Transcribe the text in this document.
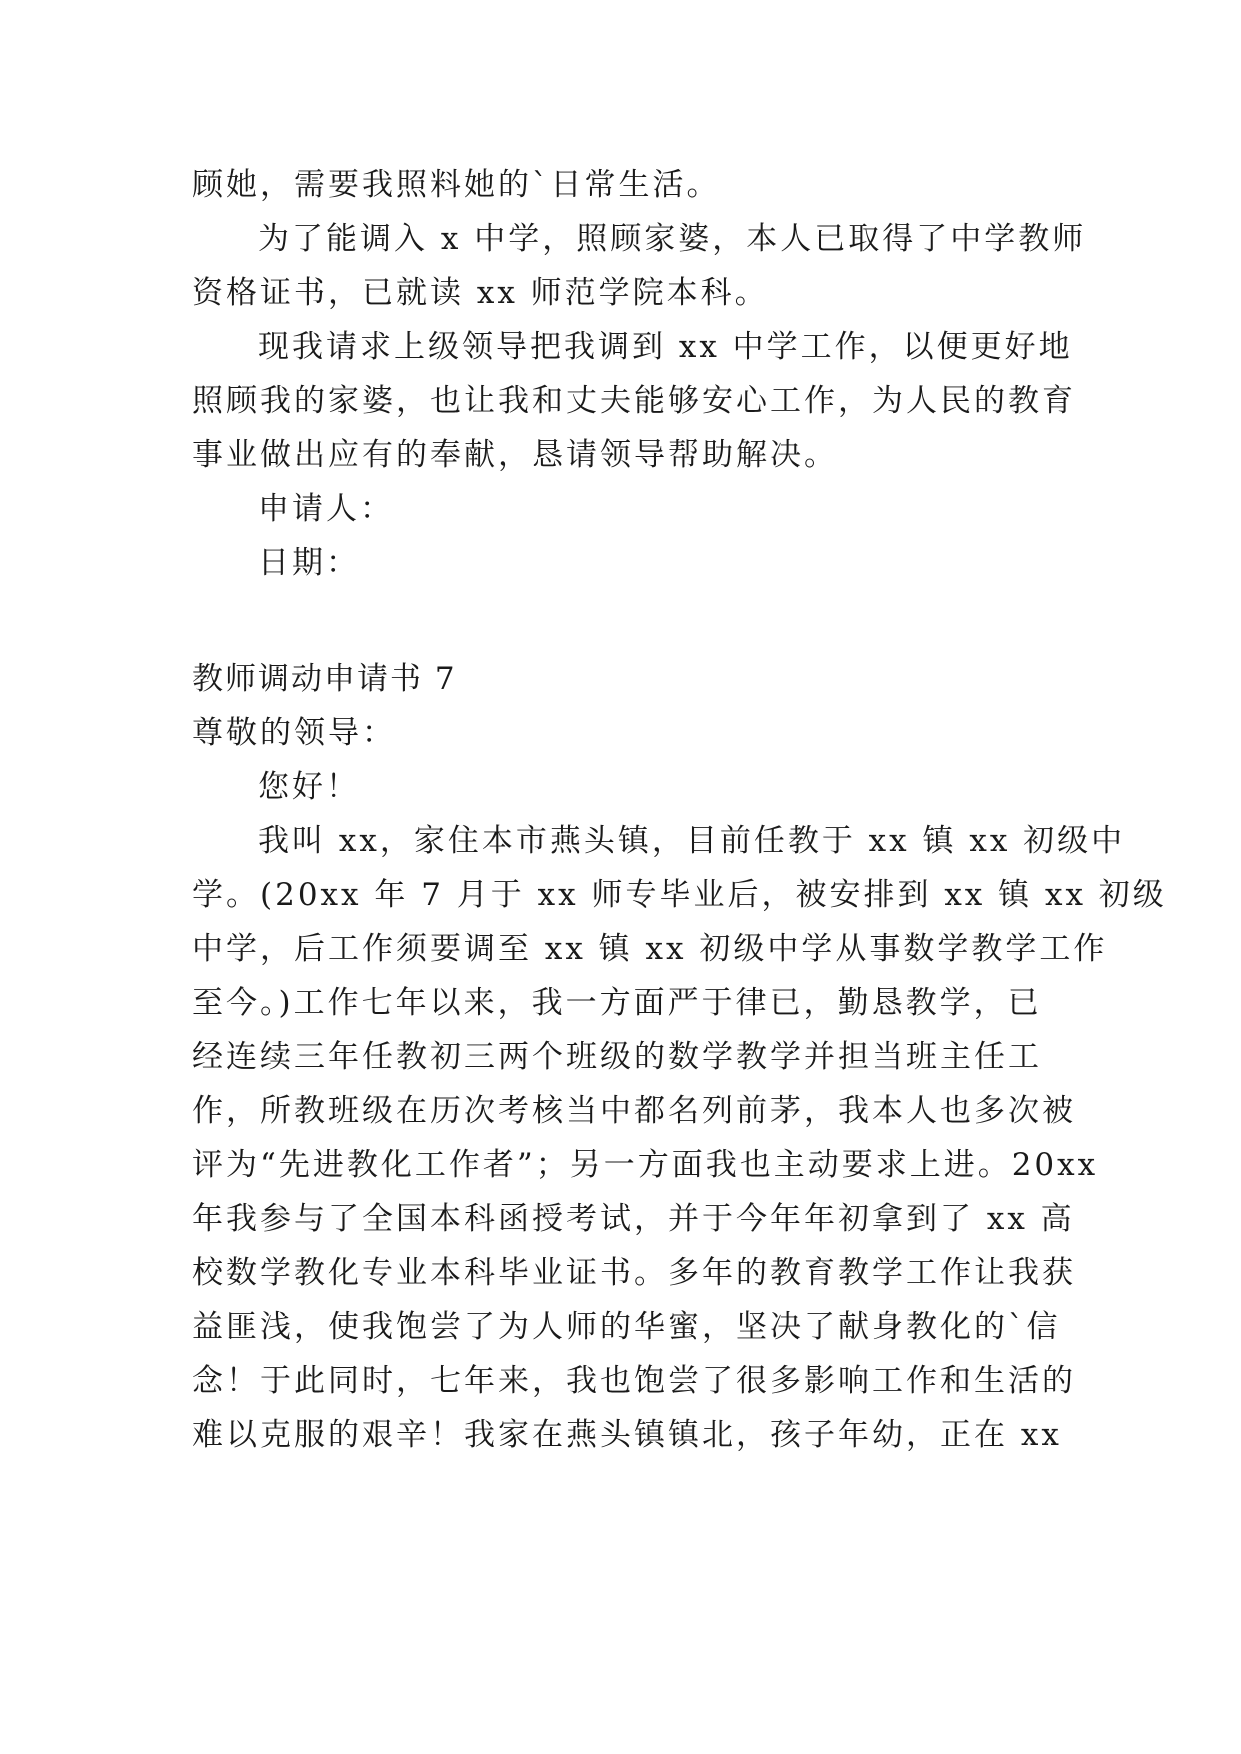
顾她，需要我照料她的`日常生活。
为了能调入 x 中学，照顾家婆，本人已取得了中学教师
资格证书，已就读 xx 师范学院本科。
现我请求上级领导把我调到 xx 中学工作，以便更好地
照顾我的家婆，也让我和丈夫能够安心工作，为人民的教育
事业做出应有的奉献，恳请领导帮助解决。
申请人：
日期：
教师调动申请书 7
尊敬的领导：
您好！
我叫 xx，家住本市燕头镇，目前任教于 xx 镇 xx 初级中
学。(20xx 年 7 月于 xx 师专毕业后，被安排到 xx 镇 xx 初级
中学，后工作须要调至 xx 镇 xx 初级中学从事数学教学工作
至今。)工作七年以来，我一方面严于律已，勤恳教学，已
经连续三年任教初三两个班级的数学教学并担当班主任工
作，所教班级在历次考核当中都名列前茅，我本人也多次被
评为“先进教化工作者”；另一方面我也主动要求上进。20xx
年我参与了全国本科函授考试，并于今年年初拿到了 xx 高
校数学教化专业本科毕业证书。多年的教育教学工作让我获
益匪浅，使我饱尝了为人师的华蜜，坚决了献身教化的`信
念！于此同时，七年来，我也饱尝了很多影响工作和生活的
难以克服的艰辛！我家在燕头镇镇北，孩子年幼，正在 xx
